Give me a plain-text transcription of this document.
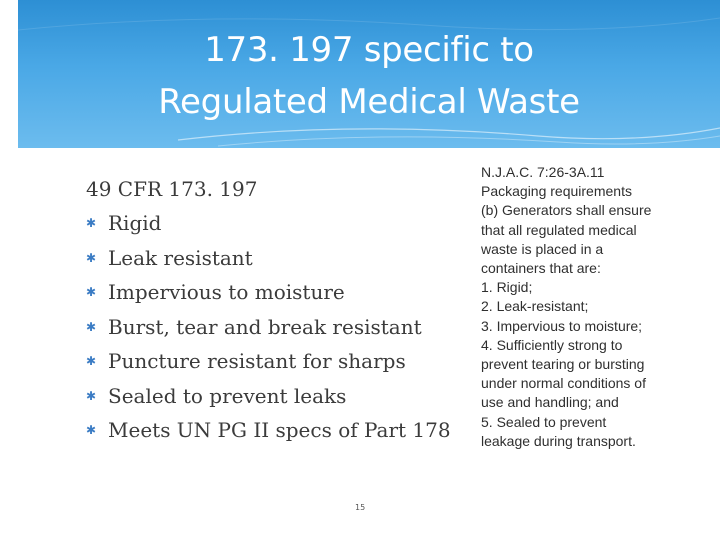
173. 197 specific to
Regulated Medical Waste
49 CFR 173. 197
✱ Rigid
✱ Leak resistant
✱ Impervious to moisture
✱ Burst, tear and break resistant
✱ Puncture resistant for sharps
✱ Sealed to prevent leaks
✱ Meets UN PG II specs of Part 178
N.J.A.C. 7:26-3A.11
Packaging requirements
(b) Generators shall ensure
that all regulated medical
waste is placed in a
containers that are:
1. Rigid;
2. Leak-resistant;
3. Impervious to moisture;
4. Sufficiently strong to
prevent tearing or bursting
under normal conditions of
use and handling; and
5. Sealed to prevent
leakage during transport.
15
